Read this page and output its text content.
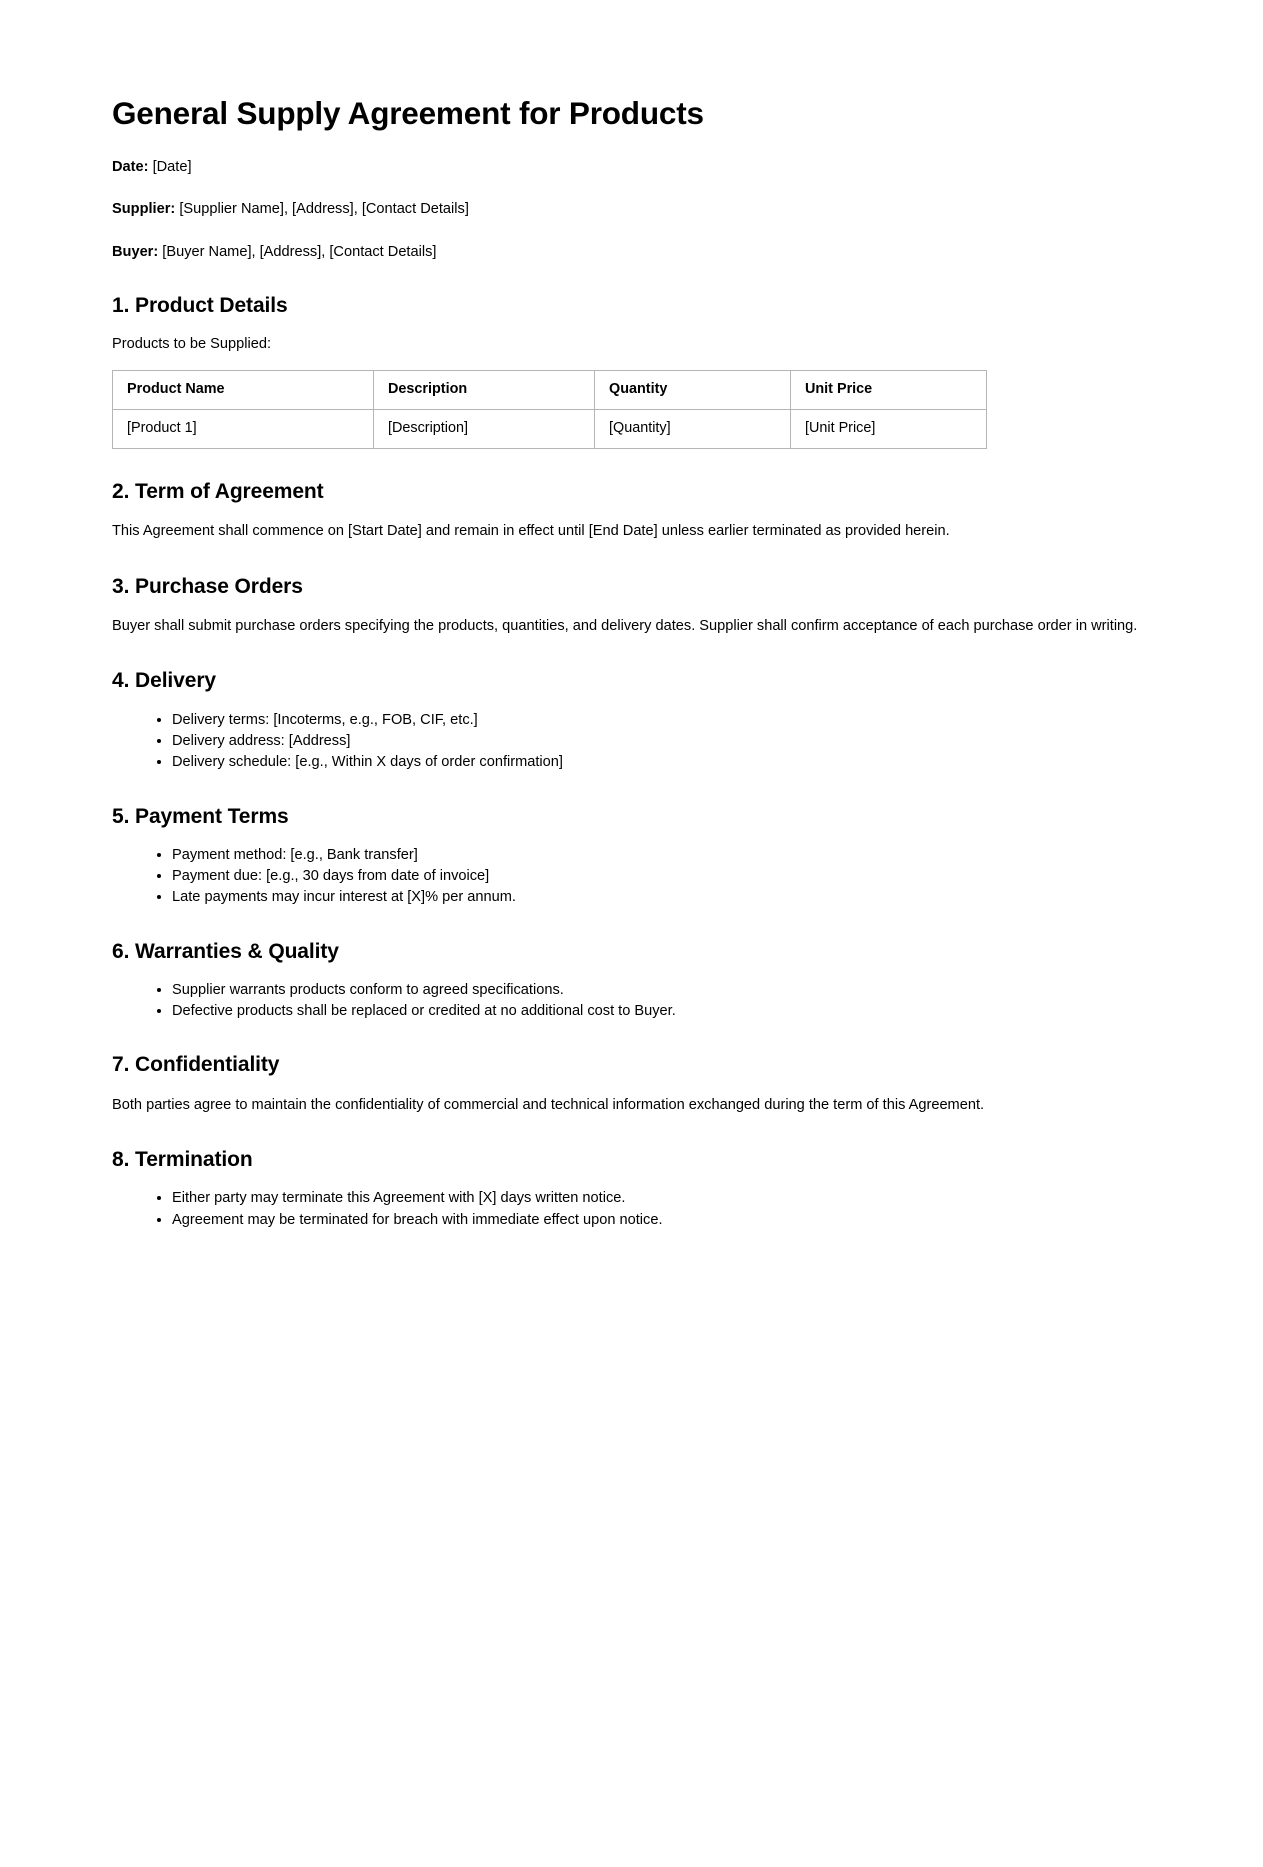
General Supply Agreement for Products

Date: [Date]

Supplier: [Supplier Name], [Address], [Contact Details]

Buyer: [Buyer Name], [Address], [Contact Details]

1. Product Details

Products to be Supplied:

Product Name	Description	Quantity	Unit Price
[Product 1]	[Description]	[Quantity]	[Unit Price]
2. Term of Agreement

This Agreement shall commence on [Start Date] and remain in effect until [End Date] unless earlier terminated as provided herein.

3. Purchase Orders

Buyer shall submit purchase orders specifying the products, quantities, and delivery dates. Supplier shall confirm acceptance of each purchase order in writing.

4. Delivery
• Delivery terms: [Incoterms, e.g., FOB, CIF, etc.]
• Delivery address: [Address]
• Delivery schedule: [e.g., Within X days of order confirmation]
5. Payment Terms
• Payment method: [e.g., Bank transfer]
• Payment due: [e.g., 30 days from date of invoice]
• Late payments may incur interest at [X]% per annum.
6. Warranties & Quality
• Supplier warrants products conform to agreed specifications.
• Defective products shall be replaced or credited at no additional cost to Buyer.
7. Confidentiality

Both parties agree to maintain the confidentiality of commercial and technical information exchanged during the term of this Agreement.

8. Termination
• Either party may terminate this Agreement with [X] days written notice.
• Agreement may be terminated for breach with immediate effect upon notice.
